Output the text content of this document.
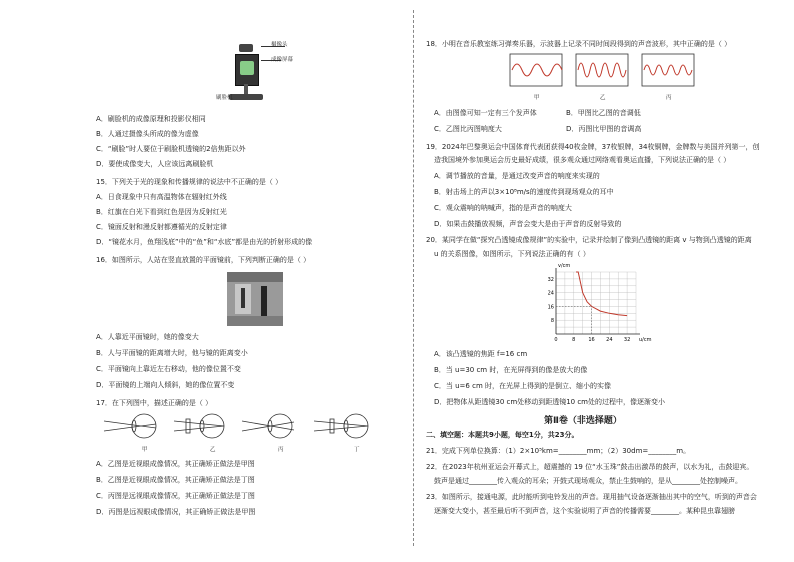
摄像头
成像屏幕
刷脸机
A．刷脸机的成像原理和投影仪相同
B．人通过摄像头所成的像为虚像
C．“刷脸”时人要位于刷脸机透镜的2倍焦距以外
D．要使成像变大，人应该远离刷脸机
15．下列关于光的现象和传播规律的说法中不正确的是（ ）
A．日食现象中只有高温物体在辐射红外线
B．红旗在白光下看到红色是因为反射红光
C．镜面反射和漫反射都遵循光的反射定律
D．“镜花水月，鱼翔浅底”中的“鱼”和“水底”都是由光的折射形成的像
16．如图所示，人站在竖直放置的平面镜前，下列判断正确的是（ ）
A．人靠近平面镜时，她的像变大
B．人与平面镜的距离增大时，他与镜的距离变小
C．平面镜向上靠近左右移动，他的像位置不变
D．平面镜的上端向人倾斜，她的像位置不变
17．在下列图中，描述正确的是（ ）
甲	乙	丙	丁
A．乙图是近视眼成像情况，其正确矫正做法是甲图
B．乙图是近视眼成像情况，其正确矫正做法是丁图
C．丙图是远视眼成像情况，其正确矫正做法是丁图
D．丙图是远视眼成像情况，其正确矫正做法是甲图
18．小明在音乐教室练习弹奏乐器，示波器上记录不同时间段得到的声音波形，其中正确的是（ ）
甲	乙	丙
A．由图像可知一定有三个发声体	B．甲图比乙图的音调低
C．乙图比丙图响度大	D．丙图比甲图的音调高
19．2024年巴黎奥运会中国体育代表团获得40枚金牌，37枚银牌，34枚铜牌，金牌数与美国并列第一，创
造我国境外参加奥运会历史最好成绩，很多观众通过网络观看奥运直播，下列说法正确的是（ ）
A．调节播放的音量，是通过改变声音的响度来实现的
B．射击场上的声以3×10⁸m/s的速度传到现场观众的耳中
C．观众震响的呐喊声，指的是声音的响度大
D．如果击鼓播放视频，声音会变大是由于声音的反射导致的
20．某同学在做“探究凸透镜成像规律”的实验中，记录并绘制了像到凸透镜的距离 v 与物到凸透镜的距离
u 的关系图像，如图所示，下列说法正确的有（ ）
0	8	16 24 32
8
16
24
32
u/cm
v/cm
A．该凸透镜的焦距 f=16 cm
B．当 u=30 cm 时，在光屏得到的像是放大的像
C．当 u=6 cm 时，在光屏上得到的是倒立、缩小的实像
D．把物体从距透镜30 cm处移动到距透镜10 cm处的过程中，像逐渐变小
第Ⅱ卷（非选择题）
二、填空题：本题共9小题，每空1分，共23分。
21．完成下列单位换算：（1）2×10⁵km=________mm；（2）30dm=________m。
22．在2023年杭州亚运会开幕式上，超震撼的 19 位“水玉珠”鼓击出激昂的鼓声，以水为礼，击鼓迎宾。
鼓声是通过________传入观众的耳朵；开鼓式现场观众，禁止生鼓响的，是从________处控制噪声。
23．如图所示，接通电源，此时能听到电铃发出的声音。现用抽气设备逐渐抽出其中的空气，听到的声音会
逐渐变大变小，甚至最后听不到声音，这个实验说明了声音的传播需要________。某种昆虫靠翅膀
